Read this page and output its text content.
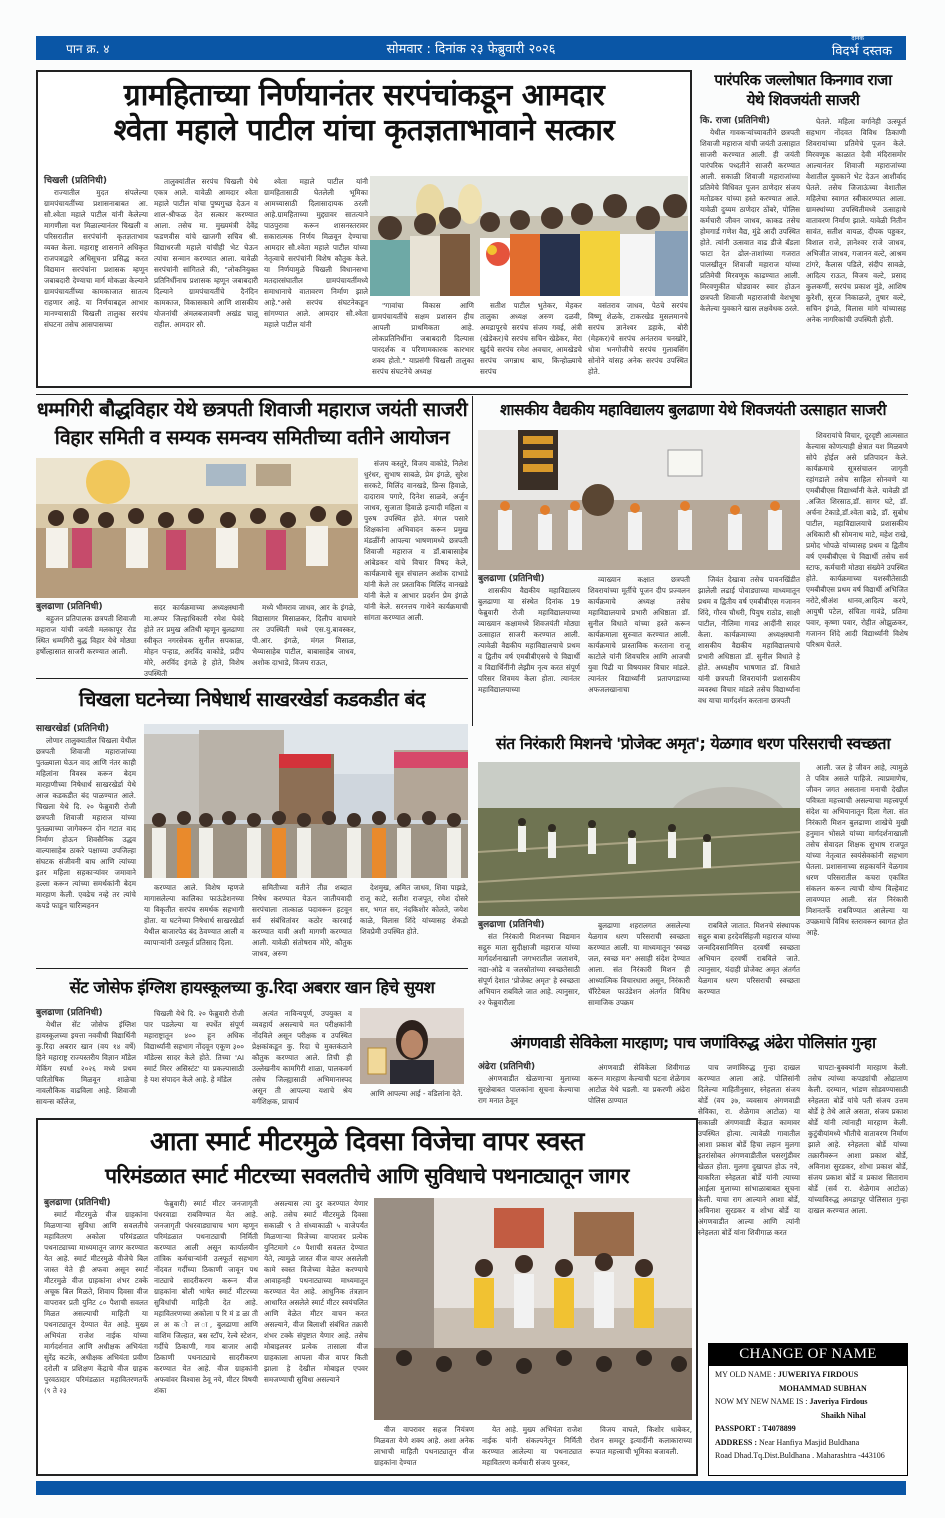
पान क्र. ४	सोमवार : दिनांक २३ फेब्रुवारी २०२६
दैनिक
विदर्भ दस्तक
ग्रामहिताच्या निर्णयानंतर सरपंचांकडून आमदार
श्वेता महाले पाटील यांचा कृतज्ञताभावाने सत्कार
चिखली (प्रतिनिधी)

राज्यातील मुदत संपलेल्या ग्रामपंचायतींच्या प्रशासनाबाबत आ. सौ.श्वेता महाले पाटील यांनी केलेल्या मागणीला यश मिळाल्यानंतर चिखली व परिसरातील सरपंचांनी कृतज्ञताभाव व्यक्त केला. महाराष्ट्र शासनाने अधिकृत राजपत्राद्वारे अधिसूचना प्रसिद्ध करत विद्यमान सरपंचांना प्रशासक म्हणून जबाबदारी देण्याचा मार्ग मोकळा केल्याने ग्रामपंचायतींच्या कामकाजात सातत्य राहणार आहे. या निर्णयाबद्दल आभार मानण्यासाठी चिखली तालुका सरपंच संघटना तसेच आसपासच्या

तालुक्यांतील सरपंच चिखली येथे एकत्र आले. यावेळी आमदार श्वेता महाले पाटील यांचा पुष्पगुच्छ देऊन व शाल-श्रीफळ देत सत्कार करण्यात आला. तसेच मा. मुख्यमंत्री देवेंद्र फडणवीस यांचे खाजगी सचिव श्री. विद्याधरजी महाले यांचीही भेट घेऊन त्यांचा सन्मान करण्यात आला. यावेळी सरपंचांनी सांगितले की, "लोकनियुक्त प्रतिनिधींनाच प्रशासक म्हणून जबाबदारी दिल्याने ग्रामपंचायतींचे दैनंदिन कामकाज, विकासकामे आणि शासकीय योजनांची अंमलबजावणी अखंड चालू राहील. आमदार सौ.

श्वेता महाले पाटील यांनी ग्रामहितासाठी घेतलेली भूमिका आमच्यासाठी दिलासादायक ठरली आहे.ग्रामहिताच्या मुद्द्यावर सातत्याने पाठपुरावा करून शासनस्तरावर सकारात्मक निर्णय मिळवून देण्याचा आमदार सौ.श्वेता महाले पाटील यांच्या नेतृत्वाचे सरपंचांनी विशेष कौतुक केले. या निर्णयामुळे चिखली विधानसभा मतदारसंघातील ग्रामपंचायतींमध्ये समाधानाचे वातावरण निर्माण झाले आहे."असे सरपंच संघटनेकडून सांगण्यात आले. आमदार सौ.श्वेता महाले पाटील यांनी

"गावांचा विकास आणि ग्रामपंचायतींचे सक्षम प्रशासन हीच आपली प्राथमिकता आहे. लोकप्रतिनिधींना जबाबदारी दिल्यास पारदर्शक व परिणामकारक कारभार शक्य होतो." याप्रसंगी चिखली तालुका सरपंच संघटनेचे अध्यक्ष

सतीश पाटील भुतेकर, मेहकर तालुका अध्यक्ष अरुण दळवी, अमडापूरचे सरपंच संजय गवई, अंत्री (खेडेकर)चे सरपंच सचिन खेडेकर, मेरा खुर्दचे सरपंच रमेश अवचार, आमखेडचे सरपंच जगन्नाथ बाघ, किन्होळ्याचे सरपंच

वसंतराव जाधव, पेठचे सरपंच विष्णू शेळके, टाकरखेड मुसलमानचे सरपंच ज्ञानेश्वर डहाके, बोरी (मेहकर)चे सरपंच अनंतराव चनखोरे, धोत्रा भनगोजीचे सरपंच गुलाबसिंग सोनोने यांसह अनेक सरपंच उपस्थित होते.

पारंपरिक जल्लोषात किनगाव राजा
येथे शिवजयंती साजरी
कि. राजा (प्रतिनिधी)

येथील गावकऱ्यांच्यावतीने छत्रपती शिवाजी महाराज यांची जयंती उत्साहात साजरी करण्यात आली. ही जयंती पारंपरिक पध्दतीने साजरी करण्यात आली. सकाळी शिवाजी महाराजांच्या प्रतिमेचे विधिवत पूजन ठाणेदार संजय मतोडकर यांच्या हस्ते करण्यात आले. यावेळी दुय्यम ठाणेदार ठोंबरे, पोलिस कर्मचारी जीवन जाधव, काकड तसेच होमगार्ड गणेश वैद्य, मुंढे आदी उपस्थित होते. त्यांनी उत्सवात वाढ डीजे बँडला फाटा देत ढोल-ताशांच्या गजरात पालखीतून शिवाजी महाराज यांच्या प्रतिमेची मिरवणूक काढण्यात आली. मिरवणुकीत घोड्यावर स्वार होऊन छत्रपती शिवाजी महाराजांची वेशभूषा केलेल्या युवकाने खास लक्षवेधक ठरले.

घेतले. महिला वर्गानेही उत्स्फूर्त सहभाग नोंदवत विविध ठिकाणी शिवरायांच्या प्रतिमेचे पूजन केले. मिरवणूक काळात देवी मंदिरासमोर आल्यानंतर शिवाजी महाराजांच्या वेशातील युवकाने भेट देऊन आशीर्वाद घेतले. तसेच जिजाऊंच्या वेशातील महिलेचा स्वागत स्वीकारण्यात आला. ग्रामस्थांच्या उपस्थितीमध्ये उत्साहाचे वातावरण निर्माण झाले. यावेळी नितीन सावंत, सतीश वायळ, दीपक पड्डकर, विशाल राजे, ज्ञानेश्वर राजे जाधव, अभिजीत जाधव, गजानन वल्टे, आश्रम टांगरे, कैलास पडिले, संदीप सावळे, आदित्य राऊत, विजय वल्टे, प्रसाद कुलकर्णी, सरपंच प्रकाश मुंडे, आशिष कुरेशी, सुरज निकाळजे, तुषार वल्टे, सचिन इंगळे, विलास मांगे यांच्यासह अनेक नागरिकांची उपस्थिती होती.

धम्मगिरी बौद्धविहार येथे छत्रपती शिवाजी महाराज जयंती साजरी
विहार समिती व सम्यक समन्वय समितीच्या वतीने आयोजन

संजय कस्तुरे, विजय वाकोडे, निलेश धुरंधर, सुभाष साबळे, प्रेम इंगळे, सुरेश सरकटे, मिलिंद वानखडे, प्रिन्स हिवाळे, दादाराव पगारे, दिनेश साळवे, अर्जुन जाधव, सुजाता हिवाळे इत्यादी महिला व पुरुष उपस्थित होते. मंगल पसारे शिक्षकांना अभिवादन करून प्रमुख मंडळींनी आपल्या भाषणामध्ये छत्रपती शिवाजी महाराज व डॉ.बाबासाहेब आंबेडकर यांचे विचार विषद केले, कार्यक्रमाचे सूत्र संचालन अशोक दाभाडे यांनी केले तर प्रस्ताविक मिलिंद वानखडे यांनी केले व आभार प्रदर्शन प्रेम इंगळे यांनी केले. सरनत्तय गाथेने कार्यक्रमाची सांगता करण्यात आली.

बुलढाणा (प्रतिनिधी)

बहुजन प्रतिपालक छत्रपती शिवाजी महाराज यांची जयंती मलकापूर रोड स्थित धम्मगिरी बुद्ध विहार येथे मोठ्या हर्षोल्हासात साजरी करण्यात आली.

सदर कार्यक्रमाच्या अध्यक्षस्थानी मा.अप्पर जिल्हाधिकारी रमेश घेवंदे होते तर प्रमुख अतिथी म्हणून बुलढाणा स्वीकृत नगरसेवक सुनील सपकाळ, मोहन पऱ्हाड, अरविंद वाकोडे, प्रदीप मोरे, अरविंद इंगळे हे होते, विशेष उपस्थिती

मध्ये भीमराव जाधव, आर के इंगळे, विद्यासागर मिसाळकर, दिलीप वाघमारे तर उपस्थिती मध्ये एस.यु.बावस्कर, पी.आर. इंगळे, मंगल मिसाळ, भैय्यासाहेब पाटील, बाबासाहेब जाधव, अशोक दाभाडे, विजय राऊत,

शासकीय वैद्यकीय महाविद्यालय बुलढाणा येथे शिवजयंती उत्साहात साजरी

शिवरायांचे विचार, दूरदृष्टी आत्मसात केल्यास कोणत्याही क्षेत्रात यश मिळवणे सोपे होईल असे प्रतिपादन केले. कार्यक्रमाचे सूत्रसंचालन जागृती रहांगडाले तसेच साहिल सोनवणे या एमबीबीएस विद्यार्थ्यांनी केले. यावेळी डॉ .अजित शिरसाठ,डॉ. सागर घटे, डॉ. अर्चना टेकाडे,डॉ.श्वेता बाढे, डॉ. सुबोध पाटील, महाविद्यालयाचे प्रशासकीय अधिकारी श्री सोमनाथ माटे, महेश राखे, प्रमोद भोपळे यांच्यासह प्रथम व द्वितीय वर्ष एमबीबीएस चे विद्यार्थी तसेच सर्व स्टाफ, कर्मचारी मोठ्या संख्येने उपस्थित होते. कार्यक्रमाच्या यशस्वीतेसाठी एमबीबीएस प्रथम वर्ष विद्यार्थी अभिजित नरोटे,श्रीअंश धानव,आदित्य करपे, आयुषी पटेल, संचिता गावंडे, प्रतिमा पवार, कृष्णा पवार, रोहीत ओझुळकर, गजानन शिंदे आदी विद्यार्थ्यांनी विशेष परिश्रम घेतले.

बुलढाणा (प्रतिनिधी)

शासकीय वैद्यकीय महाविद्यालय बुलढाणा या संस्थेत दिनांक 19 फेब्रुवारी रोजी महाविद्यालयाच्या व्याख्यान कक्षामध्ये शिवजयंती मोठ्या उत्साहात साजरी करण्यात आली. त्यावेळी वैद्यकीय महाविद्यालयाचे प्रथम व द्वितीय वर्ष एमबीबीएसचे चे विद्यार्थी व विद्यार्थिनींनी लेझीम नृत्य करत संपूर्ण परिसर शिवमय केला होता. त्यानंतर महाविद्यालयाच्या

व्याख्यान कक्षात छत्रपती शिवरायांच्या मूर्तीचे पूजन दीप प्रज्वलन कार्यक्रमाचे अध्यक्ष तसेच महाविद्यालयाचे प्रभारी अधिष्ठाता डॉ. सुनील विधाते यांच्या हस्ते करून कार्यक्रमाला सुरुवात करण्यात आली. कार्यक्रमाचे प्रास्ताविक करताना राजू काटोले यांनी शिवचरित्र आणि आजची युवा पिढी या विषयावर विचार मांडले. त्यानंतर विद्यार्थ्यांनी प्रतापगडाच्या अफजलखानाचा

जिवंत देखावा तसेच पावनखिंडीत झालेली लढाई पोवाड्याच्या माध्यमातून प्रथम व द्वितीय वर्ष एमबीबीएस गजानन शिंदे, गौरव चौधरी, पियुष राठोड, साक्षी पाटील, नीलिमा गावड आदींनी सादर केला. कार्यक्रमाच्या अध्यक्षस्थानी शासकीय वैद्यकीय महाविद्यालयाचे प्रभारी अधिष्ठाता डॉ. सुनील विधाते हे होते. अध्यक्षीय भाषणात डॉ. विधाते यांनी छत्रपती शिवरायांनी प्रशासकीय व्यवस्था विचार मांडले तसेच विद्यार्थ्यांना वध याचा मार्गदर्शन करताना छत्रपती

चिखला घटनेच्या निषेधार्थ साखरखेर्डा कडकडीत बंद
साखरखेर्डा (प्रतिनिधी)

लोणार तालुक्यातील चिखला येथील छत्रपती शिवाजी महाराजांच्या पुतळ्याला घेऊन वाद आणि नंतर काही महिलांना विवस्त्र करून बेदम मारहाणीच्या निषेधार्थ साखरखेर्डा येथे आज कडकडीत बंद पाळण्यात आले. चिखला येथे दि. २० फेब्रुवारी रोजी छत्रपती शिवाजी महाराज यांच्या पुतळ्याच्या जागेवरून दोन गटात वाद निर्माण होऊन शिवसैनिक उद्धव वाल्यासाहेब ठाकरे पक्षाच्या उपजिल्हा संघटक संजीवनी बाघ आणि त्यांच्या इतर महिला सहकाऱ्यांवर जमावाने हल्ला करून त्यांच्या समर्थकांनी बेदम मारहाण केली. एवढेच नव्हे तर त्यांचे कपडे फाडून चारित्र्यहनन

करण्यात आले. विशेष म्हणजे मागासलेल्या कालिका फाऊंडेशनच्या या विकृतीत सरपंच समर्थक सहभागी होता. या घटनेच्या निषेधार्थ साखरखेर्डा येथील बाजारपेठ बंद ठेवण्यात आली व व्यापाऱ्यांनी उत्स्फूर्त प्रतिसाद दिला.

समितीच्या वतीने तीव्र शब्दात निषेध करण्यात येऊन जातीयवादी सरपंचाला तात्काळ पदावरून हटवून सर्व संबंधितांवर कठोर कारवाई करण्यात यावी अशी मागणी करण्यात आली. यावेळी संतोषराव मोरे, कौतुक जाधव, अरुण

देशमुख, अमित जाधव, शिवा पाझडे, राजू काटे, सतीश राजपूत, रमेश दोसरे सर, भगत सर, नंदकिशोर कोलते, जयेश काळे, विलास शिंदे यांच्यासह शेकडो शिवप्रेमी उपस्थित होते.

संत निरंकारी मिशनचे 'प्रोजेक्ट अमृत'; येळगाव धरण परिसराची स्वच्छता

आली. जल हे जीवन आहे, त्यामुळे ते पवित्र असले पाहिजे. त्याप्रमाणेच, जीवन जगत असताना मनाची देखील पवित्रता महत्त्वाची असल्याचा महत्त्वपूर्ण संदेश या अभियानातून दिला गेला. संत निरंकारी मिशन बुलढाणा शाखेचे मुखी हनुमान भोसले यांच्या मार्गदर्शनाखाली तसेच सेवादल शिक्षक सुभाष राजपूत यांच्या नेतृत्वात स्वयंसेवकांनी सहभाग घेतला. प्रशासनाच्या सहकार्याने येळगाव धरण परिसरातील कचरा एकत्रित संकलन करून त्याची योग्य विल्हेवाट लावण्यात आली. संत निरंकारी मिशनतर्फे राबविण्यात आलेल्या या उपक्रमाचे विविध स्तरावरून स्वागत होत आहे.

बुलढाणा (प्रतिनिधी)

संत निरंकारी मिशनच्या विद्यमान सद्गुरु माता सुदीक्षाजी महाराज यांच्या मार्गदर्शनाखाली जगभरातील जलाशये, नद्या-ओढे व जलस्रोतांच्या स्वच्छतेसाठी संपूर्ण देशात 'प्रोजेक्ट अमृत' हे स्वच्छता अभियान राबविले जात आहे. त्यानुसार, २२ फेब्रुवारीला

बुलढाणा शहरालगत असलेल्या येळगाव धरण परिसराची स्वच्छता करण्यात आली. या माध्यमातून 'स्वच्छ जल, स्वच्छ मन' असाही संदेश देण्यात आला. संत निरंकारी मिशन ही आध्यात्मिक विचारधारा असून, निरंकारी चॅरिटेबल फाउंडेशन अंतर्गत विविध सामाजिक उपक्रम

राबविले जातात. मिशनचे संस्थापक सद्गुरु बाबा हरदेवसिंहजी महाराज यांच्या जन्मदिवसानिमित्त दरवर्षी स्वच्छता अभियान दरवर्षी राबविले जाते. त्यानुसार, यंदाही प्रोजेक्ट अमृत अंतर्गत येळगाव धरण परिसराची स्वच्छता करण्यात

सेंट जोसेफ इंग्लिश हायस्कूलच्या कु.रिदा अबरार खान हिचे सुयश
बुलढाणा (प्रतिनिधी)

येथील सेंट जोसेफ इंग्लिश हायस्कूलच्या इयत्ता नववीची विद्यार्थिनी कु.रिदा अबरार खान (वय १४ वर्षे) हिने महाराष्ट्र राज्यस्तरीय विज्ञान मॉडेल मेकिंग स्पर्धा २०२६ मध्ये प्रथम पारितोषिक मिळवून शाळेचा नावलौकिक वाढविला आहे. शिवाजी सायन्स कॉलेज,

चिखली येथे दि. २० फेब्रुवारी रोजी पार पडलेल्या या स्पर्धेत संपूर्ण महाराष्ट्रातून ४०० हून अधिक विद्यार्थ्यांनी सहभाग नोंदवून एकूण ३०० मॉडेल्स सादर केले होते. तिच्या 'AI स्मार्ट मिरर असिस्टंट' या प्रकल्पासाठी हे यश संपादन केले आहे. हे मॉडेल

अत्यंत नाविन्यपूर्ण, उपयुक्त व व्यवहार्य असल्याचे मत परीक्षकांनी नोंदविले असून परीक्षक व उपस्थित प्रेक्षकांकडून कु. रिदा चे मुक्तकंठाने कौतुक करण्यात आले. तिची ही उल्लेखनीय कामगिरी शाळा, पालकवर्ग तसेच जिल्ह्यासाठी अभिमानास्पद असून ती आपल्या यशाचे श्रेय वर्गशिक्षक, प्राचार्य

आणि आपल्या आई - वडिलांना देते.

अंगणवाडी सेविकेला मारहाण; पाच जणांविरुद्ध अंढेरा पोलिसांत गुन्हा
अंढेरा (प्रतिनिधी)

अंगणवाडीत खेळणाऱ्या मुलाच्या सुरक्षेबाबत पालकांना सूचना केल्याचा राग मनात ठेवून

अंगणवाडी सेविकेला शिवीगाळ करून मारहाण केल्याची घटना शेळेगाव आटोळ येथे घडली. या प्रकरणी अंढेरा पोलिस ठाण्यात

पाच जणांविरुद्ध गुन्हा दाखल करण्यात आला आहे. पोलिसांनी दिलेल्या माहितीनुसार, स्नेहलता संजय बोर्डे (वय ३७, व्यवसाय अंगणवाडी सेविका, रा. शेळेगाव आटोळ) या सकाळी अंगणवाडी केंद्रात कामावर उपस्थित होत्या. त्यावेळी गावातील आशा प्रकाश बोर्डे हिचा लहान मुलगा इतरांसोबत अंगणवाडीतील घसरगुंडीवर खेळत होता. मुलगा दुखापत होऊ नये, याकरिता स्नेहलता बोर्डे यांनी त्याच्या आईला मुलाच्या सांभाळाबाबत सूचना केली. याचा राग आल्याने आशा बोर्डे, अविनाश सुरडकर व शोभा बोर्डे या अंगणवाडीत आल्या आणि त्यांनी स्नेहलता बोर्डे यांना शिवीगाळ करत

चापटा-बुक्क्यांनी मारहाण केली. तसेच त्यांच्या कपड्यांची ओढाताण केली. दरम्यान, भांडण सोडवण्यासाठी स्नेहलता बोर्डे यांचे पती संजय उत्तम बोर्डे हे तेथे आले असता, संजय प्रकाश बोर्डे यांनी त्यांनाही मारहाण केली. कुटुंबीयांमध्ये भीतीचे वातावरण निर्माण झाले आहे. स्नेहलता बोर्डे यांच्या तक्रारीवरून आशा प्रकाश बोर्डे, अविनाश सुरडकर, शोभा प्रकाश बोर्डे, संजय प्रकाश बोर्डे व प्रकाश सिताराम बोर्डे (सर्व रा. शेळेगाव आटोळ) यांच्याविरुद्ध अमडापूर पोलिसात गुन्हा दाखल करण्यात आला.

आता स्मार्ट मीटरमुळे दिवसा विजेचा वापर स्वस्त
परिमंडळात स्मार्ट मीटरच्या सवलतीचे आणि सुविधाचे पथनाट्यातून जागर
बुलढाणा (प्रतिनिधी)

स्मार्ट मीटरमुळे वीज ग्राहकांना मिळणाऱ्या सुविधा आणि सवलतीचे महावितरण अकोला परिमंडळात पथनाट्याच्या माध्यमातून जागर करण्यात येत आहे. स्मार्ट मीटरमुळे वीजेचे बिल जास्त येते ही अफवा असून स्मार्ट मीटरमुळे वीज ग्राहकांना शंभर टक्के अचूक बिल मिळते, शिवाय दिवसा वीज वापरावर प्रती युनिट ८० पैशाची सवलत मिळत असल्याची माहिती या पथनाट्यातून देण्यात येत आहे. मुख्य अभियंता राजेश नाईक यांच्या मार्गदर्शनात आणि अधीक्षक अभियंता सुरेंद्र कटके, अधीक्षक अभियंता प्रवीण दरोली व प्रशिक्षण केंद्राचे वीज ग्राहक पुरवठादार परिमंडळात महावितरणतर्फे (९ ते २३

फेब्रुवारी) स्मार्ट मीटर जनजागृती पंधरवाडा राबविण्यात येत आहे. जनजागृती पंधरवाड्याचाच भाग म्हणून परिमंडळात पथनाट्याची निर्मिती करण्यात आली असून कार्यालयीन तांत्रिक कर्मचाऱ्यांनी उत्स्फूर्त सहभाग नोंदवत गर्दीच्या ठिकाणी जावून पथ नाट्याचे सादरीकरण करून वीज ग्राहकांना बोली भाषेत स्मार्ट मीटरच्या सुविधांची माहिती देत आहे. महावितरणच्या अकोला प रि मं ड ळा ती ल अ क ो ल ा, बुलढाणा आणि वाशिम जिल्हात, बस स्टॉप, रेल्वे स्टेशन, गर्दीचे ठिकाणी, गाव बाजार आदी ठिकाणी पथनाट्याचे सादरीकरण करण्यात येत आहे. वीज ग्राहकांनी अफवांवर विश्वास ठेवू नये, मीटर विषयी शंका

असल्यास त्या दुर करण्यात येणार आहे. तसेच स्मार्ट मीटरमुळे दिवसा सकाळी ९ ते संध्याकाळी ५ वाजेपर्यंत मिळणाऱ्या विजेच्या वापरावर प्रत्येक युनिटमागे ८० पैशाची सवलत देण्यात येते, त्यामुळे जास्त वीज वापर असलेली कामे स्वस्त विजेच्या वेळेत करण्याचे आवाहनही पथनाट्याच्या माध्यमातून करण्यात येत आहे. आधुनिक तंत्रज्ञान आधारित असलेले स्मार्ट मीटर स्वयंचलित आणि वेळेत मीटर वाचन करत असल्याने, वीज बिलाशी संबंधित तक्रारी शंभर टक्के संपुष्टात येणार आहे. तसेच मोबाइलवर प्रत्येक तासाला वीज ग्राहकाला आपला वीज वापर किती झाला हे देखील मोबाइल एपवर समजण्याची सुविधा असल्याने

वीज वापरावर सहज नियंत्रण मिळवता येणे शक्य आहे. अशा अनेक लाभाची माहिती पथनाट्यातून वीज ग्राहकांना देण्यात

येत आहे. मुख्य अभियंता राजेश नाईक यांनी संकल्पनेतून निर्मिती करण्यात आलेल्या या पथनाट्यात महावितरण कर्मचारी संजय पुरकर,

विजय वाघले, किशोर धाबेकर, रोशन समदूर इत्यादींनी कलाकाराच्या रूपात महत्त्वाची भूमिका बजावली.

CHANGE OF NAME
MY OLD NAME : JUWERIYA FIRDOUS
MOHAMMAD SUBHAN
NOW MY NEW NAME IS : Javeriya Firdous
Shaikh Nihal
PASSPORT : T4078899
ADDRESS : Near Hanfiya Masjid Buldhana
Road Dhad.Tq.Dist.Buldhana . Maharashtra -443106
